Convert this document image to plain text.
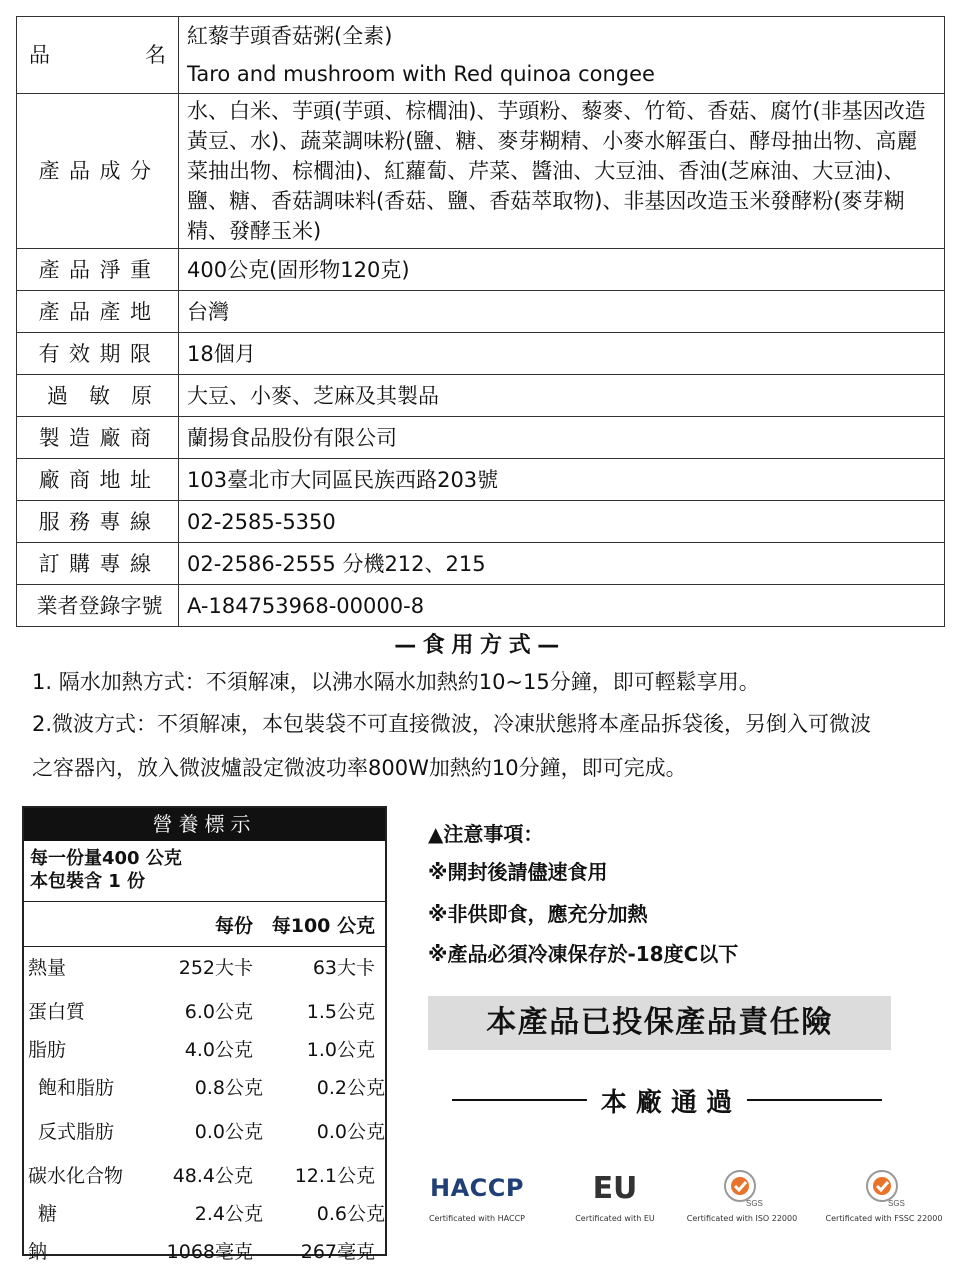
品 名	紅藜芋頭香菇粥(全素)
Taro and mushroom with Red quinoa congee

產品成分	水、白米、芋頭(芋頭、棕櫚油)、芋頭粉、藜麥、竹筍、香菇、腐竹(非基因改造黃豆、水)、蔬菜調味粉(鹽、糖、麥芽糊精、小麥水解蛋白、酵母抽出物、高麗菜抽出物、棕櫚油)、紅蘿蔔、芹菜、醬油、大豆油、香油(芝麻油、大豆油)、鹽、糖、香菇調味料(香菇、鹽、香菇萃取物)、非基因改造玉米發酵粉(麥芽糊精、發酵玉米)
產品淨重	400公克(固形物120克)
產品產地	台灣
有效期限	18個月
過　敏　原	大豆、小麥、芝麻及其製品
製造廠商	蘭揚食品股份有限公司
廠商地址	103臺北市大同區民族西路203號
服務專線	02-2585-5350
訂購專線	02-2586-2555 分機212、215
業者登錄字號	A-184753968-00000-8
—食用方式—
1. 隔水加熱方式：不須解凍，以沸水隔水加熱約10~15分鐘，即可輕鬆享用。
2.微波方式：不須解凍，本包裝袋不可直接微波，冷凍狀態將本產品拆袋後，另倒入可微波
之容器內，放入微波爐設定微波功率800W加熱約10分鐘，即可完成。
營養標示
每一份量400 公克
本包裝含 1 份
每份 每100 公克
熱量	252大卡	63大卡
蛋白質	6.0公克	1.5公克
脂肪	4.0公克	1.0公克
飽和脂肪	0.8公克	0.2公克
反式脂肪	0.0公克	0.0公克
碳水化合物	48.4公克	12.1公克
糖	2.4公克	0.6公克
鈉	1068毫克	267毫克
▲注意事項：
※開封後請儘速食用
※非供即食，應充分加熱
※產品必須冷凍保存於-18度C以下
本產品已投保產品責任險
本廠通過
HACCP
Certificated with HACCP
EU
Certificated with EU
SGS
Certificated with ISO 22000
SGS
Certificated with FSSC 22000
